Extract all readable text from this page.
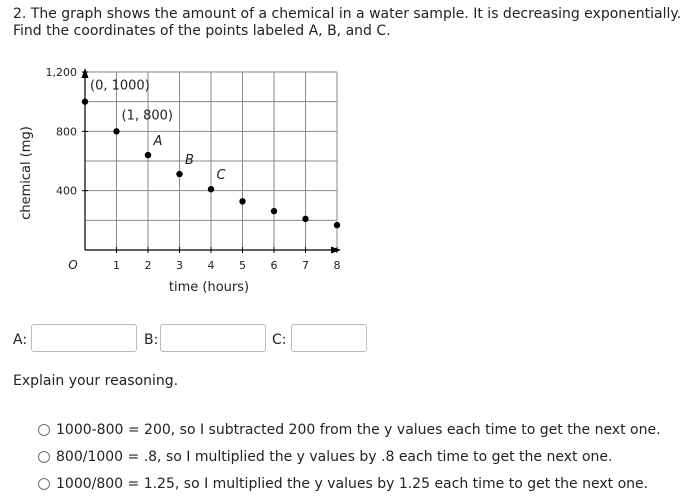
2. The graph shows the amount of a chemical in a water sample. It is decreasing exponentially. Find the coordinates of the points labeled A, B, and C.

1 2 3 4 5 6 7 8
400
800
1,200
O
time (hours)
chemical (mg)
(0, 1000)
(1, 800)
A
B
C
A:	B:	C:

Explain your reasoning.

1000-800 = 200, so I subtracted 200 from the y values each time to get the next one.
800/1000 = .8, so I multiplied the y values by .8 each time to get the next one.
1000/800 = 1.25, so I multiplied the y values by 1.25 each time to get the next one.
